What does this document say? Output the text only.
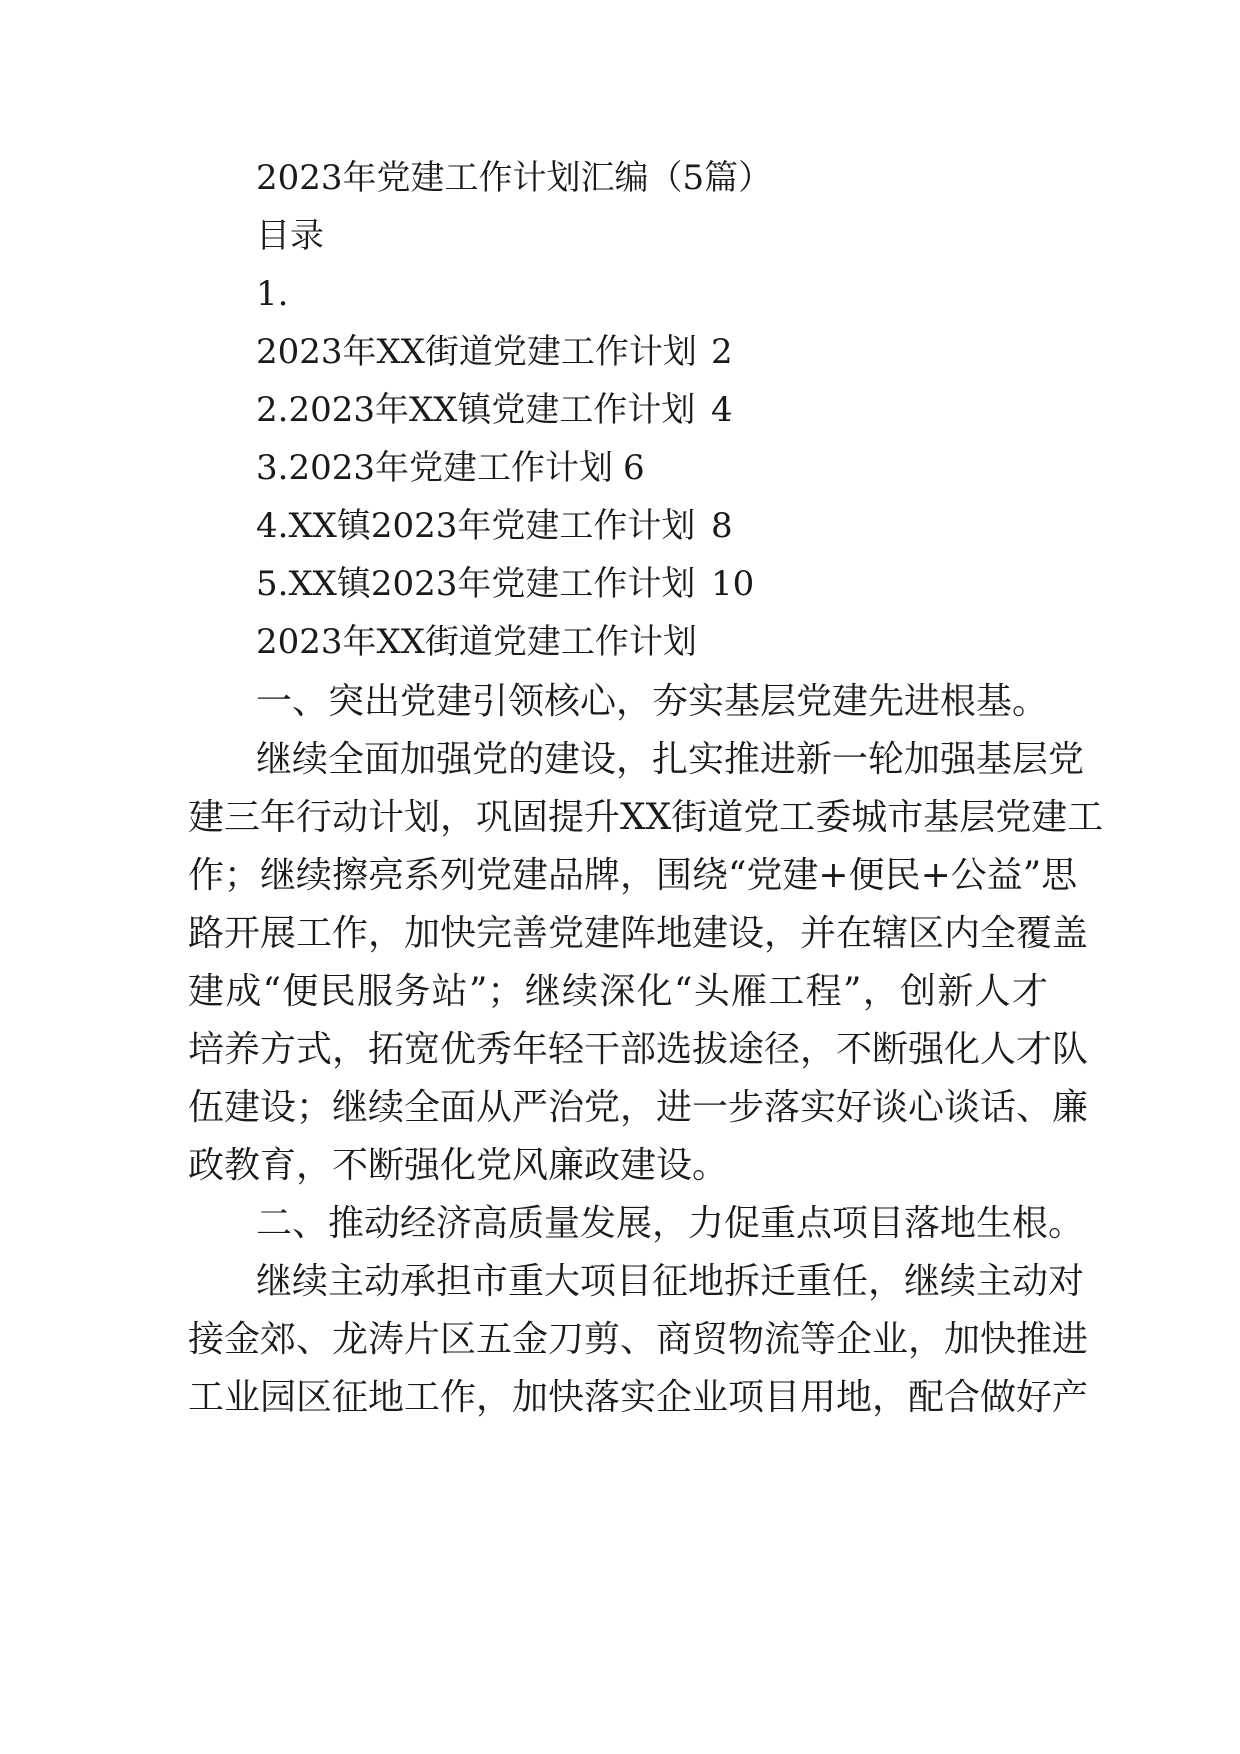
2023年党建工作计划汇编（5篇）
目录
1.
2023年XX街道党建工作计划 2
2.2023年XX镇党建工作计划 4
3.2023年党建工作计划 6
4.XX镇2023年党建工作计划 8
5.XX镇2023年党建工作计划 10
2023年XX街道党建工作计划
一、突出党建引领核心，夯实基层党建先进根基。
继续全面加强党的建设，扎实推进新一轮加强基层党
建三年行动计划，巩固提升XX街道党工委城市基层党建工
作；继续擦亮系列党建品牌，围绕“党建+便民+公益”思
路开展工作，加快完善党建阵地建设，并在辖区内全覆盖
建成“便民服务站”；继续深化“头雁工程”，创新人才
培养方式，拓宽优秀年轻干部选拔途径，不断强化人才队
伍建设；继续全面从严治党，进一步落实好谈心谈话、廉
政教育，不断强化党风廉政建设。
二、推动经济高质量发展，力促重点项目落地生根。
继续主动承担市重大项目征地拆迁重任，继续主动对
接金郊、龙涛片区五金刀剪、商贸物流等企业，加快推进
工业园区征地工作，加快落实企业项目用地，配合做好产
